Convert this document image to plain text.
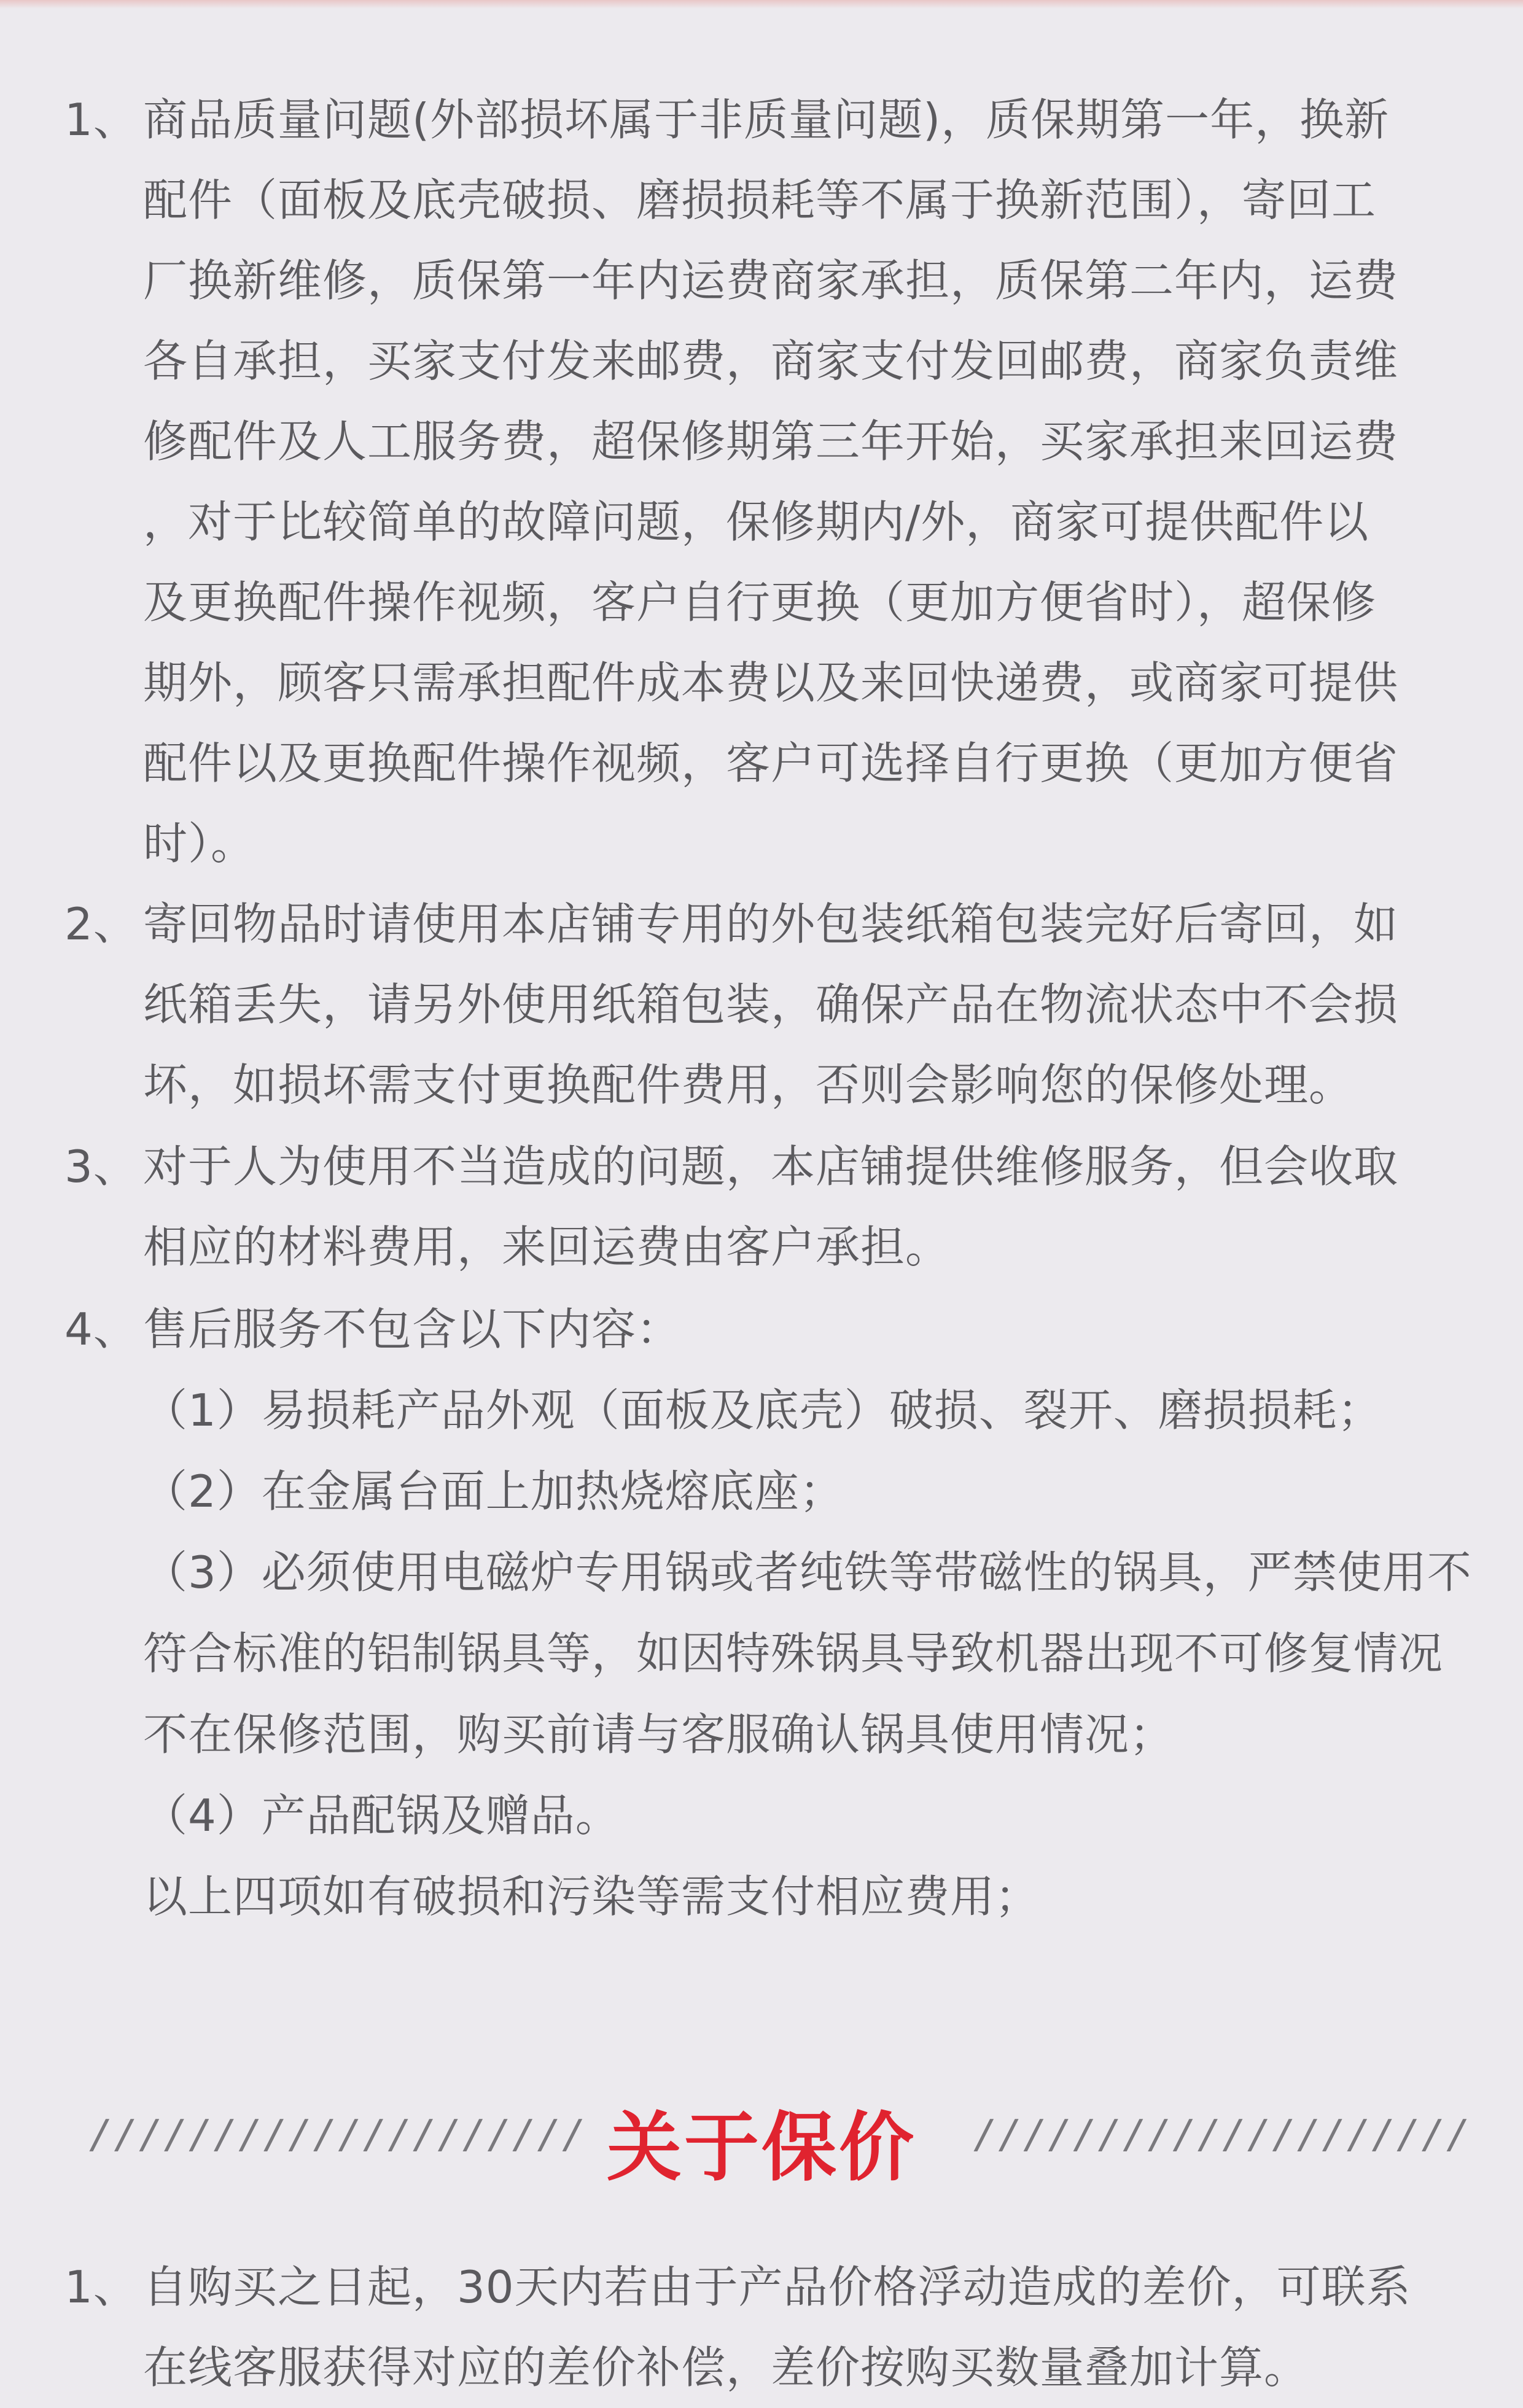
1、 商品质量问题(外部损坏属于非质量问题)，质保期第一年，换新
配件（面板及底壳破损、磨损损耗等不属于换新范围），寄回工
厂换新维修，质保第一年内运费商家承担，质保第二年内，运费
各自承担，买家支付发来邮费，商家支付发回邮费，商家负责维
修配件及人工服务费，超保修期第三年开始，买家承担来回运费
，对于比较简单的故障问题，保修期内/外，商家可提供配件以
及更换配件操作视频，客户自行更换（更加方便省时），超保修
期外，顾客只需承担配件成本费以及来回快递费，或商家可提供
配件以及更换配件操作视频，客户可选择自行更换（更加方便省
时）。
2、 寄回物品时请使用本店铺专用的外包装纸箱包装完好后寄回，如
纸箱丢失，请另外使用纸箱包装，确保产品在物流状态中不会损
坏，如损坏需支付更换配件费用，否则会影响您的保修处理。
3、 对于人为使用不当造成的问题，本店铺提供维修服务，但会收取
相应的材料费用，来回运费由客户承担。
4、 售后服务不包含以下内容：
（1）易损耗产品外观（面板及底壳）破损、裂开、磨损损耗；
（2）在金属台面上加热烧熔底座；
（3）必须使用电磁炉专用锅或者纯铁等带磁性的锅具，严禁使用不
符合标准的铝制锅具等，如因特殊锅具导致机器出现不可修复情况
不在保修范围，购买前请与客服确认锅具使用情况；
（4）产品配锅及赠品。
以上四项如有破损和污染等需支付相应费用；
//////////////////// 关于保价	////////////////////
1、 自购买之日起，30天内若由于产品价格浮动造成的差价，可联系
在线客服获得对应的差价补偿，差价按购买数量叠加计算。
